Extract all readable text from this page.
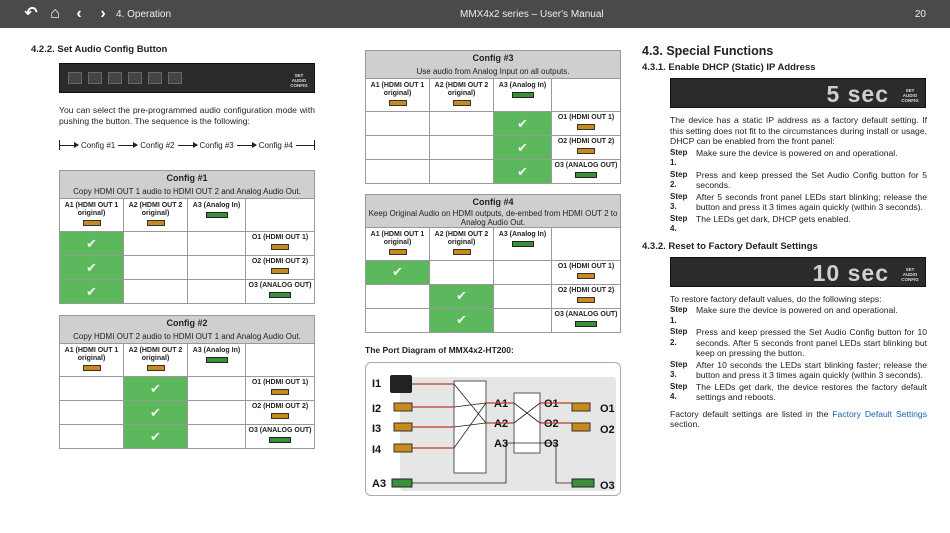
↶ ⌂	‹	›	4. Operation	MMX4x2 series – User's Manual	20
4.2.2. Set Audio Config Button
SET AUDIO CONFIG

You can select the pre-programmed audio configuration mode with pushing the button. The sequence is the following:

Config #1	Config #2	Config #3	Config #4
Config #1			
Copy HDMI OUT 1 audio to HDMI OUT 2 and Analog Audio Out.			

A1 (HDMI OUT 1 original)	A2 (HDMI OUT 2 original)	A3 (Analog In)	

✔			O1 (HDMI OUT 1)

✔			O2 (HDMI OUT 2)

✔			O3 (ANALOG OUT)
Config #2			
Copy HDMI OUT 2 audio to HDMI OUT 1 and Analog Audio Out.			

A1 (HDMI OUT 1 original)	A2 (HDMI OUT 2 original)	A3 (Analog In)	

	✔		O1 (HDMI OUT 1)

	✔		O2 (HDMI OUT 2)

	✔		O3 (ANALOG OUT)
Config #3			
Use audio from Analog Input on all outputs.			

A1 (HDMI OUT 1 original)	A2 (HDMI OUT 2 original)	A3 (Analog In)	

		✔	O1 (HDMI OUT 1)

		✔	O2 (HDMI OUT 2)

		✔	O3 (ANALOG OUT)
Config #4			
Keep Original Audio on HDMI outputs, de-embed from HDMI OUT 2 to Analog Audio Out.			

A1 (HDMI OUT 1 original)	A2 (HDMI OUT 2 original)	A3 (Analog In)	

✔			O1 (HDMI OUT 1)

	✔		O2 (HDMI OUT 2)

	✔		O3 (ANALOG OUT)
The Port Diagram of MMX4x2-HT200:
I1
I2
I3
I4
A3
A1
A2
A3
O1
O2
O3
O1
O2
O3
4.3. Special Functions
4.3.1. Enable DHCP (Static) IP Address
5 sec	SET AUDIO CONFIG

The device has a static IP address as a factory default setting. If this setting does not fit to the circumstances during install or usage, DHCP can be enabled from the front panel:

Step 1.
Make sure the device is powered on and operational.
Step 2.
Press and keep pressed the Set Audio Config button for 5 seconds.
Step 3.
After 5 seconds front panel LEDs start blinking; release the button and press it 3 times again quickly (within 3 seconds).
Step 4.
The LEDs get dark, DHCP gets enabled.
4.3.2. Reset to Factory Default Settings
10 sec	SET AUDIO CONFIG

To restore factory default values, do the following steps:

Step 1.
Make sure the device is powered on and operational.
Step 2.
Press and keep pressed the Set Audio Config button for 10 seconds. After 5 seconds front panel LEDs start blinking but keep on pressing the button.
Step 3.
After 10 seconds the LEDs start blinking faster; release the button and press it 3 times again quickly (within 3 seconds).
Step 4.
The LEDs get dark, the device restores the factory default settings and reboots.

Factory default settings are listed in the Factory Default Settings section.
